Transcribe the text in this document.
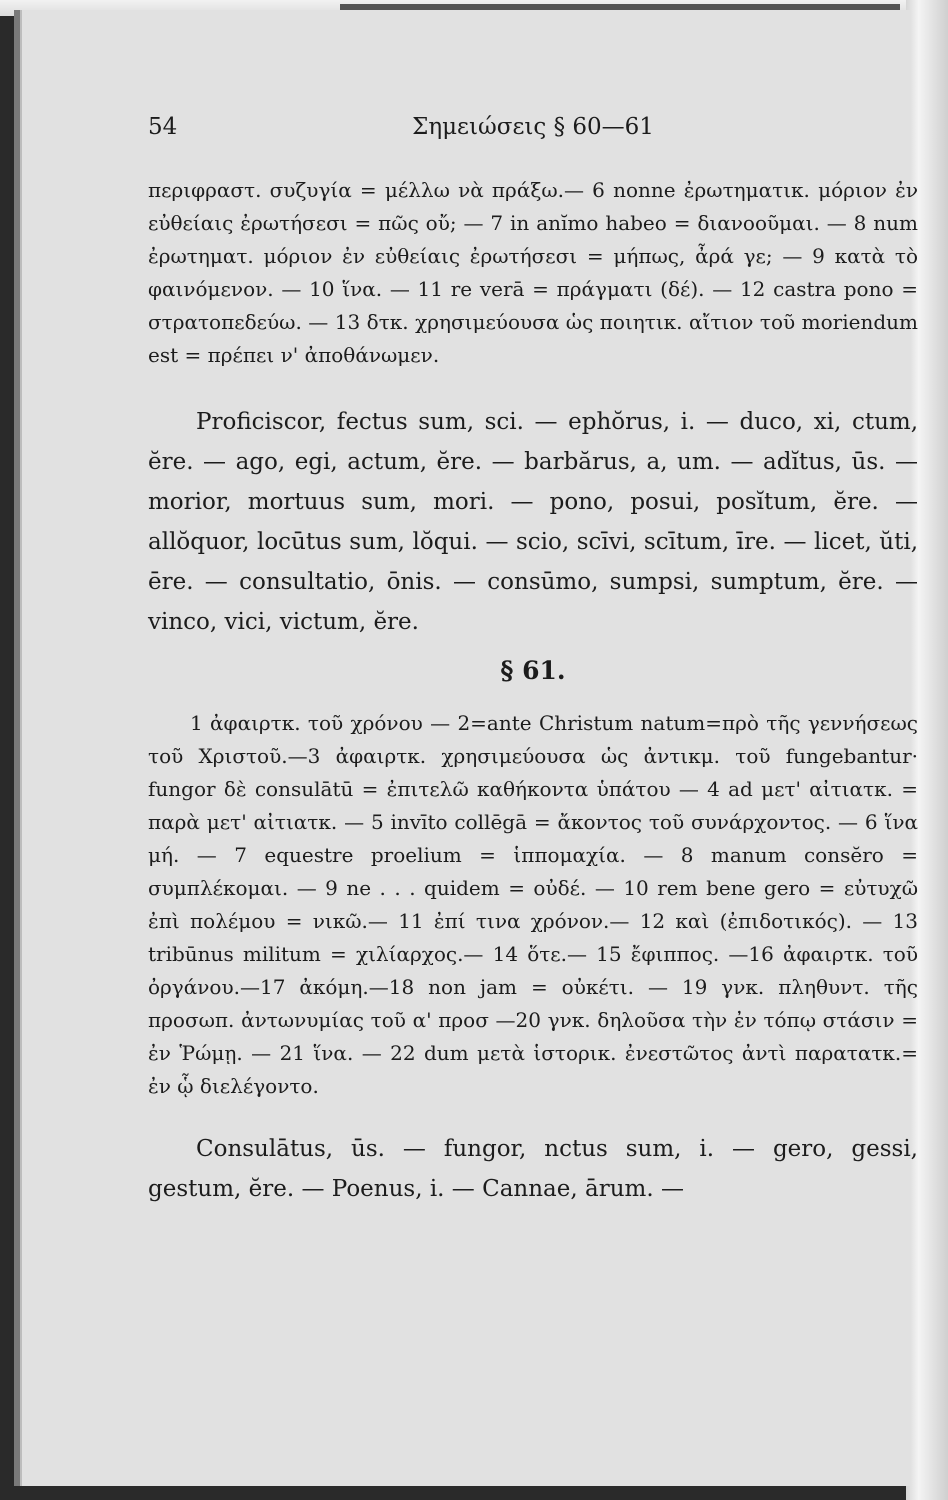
54	Σημειώσεις § 60—61

περιφραστ. συζυγία = μέλλω νὰ πράξω.— 6 nonne ἐρωτηματικ. μόριον ἐν εὐθείαις ἐρωτήσεσι = πῶς οὔ; — 7 in anĭmo habeo = διανοοῦμαι. — 8 num ἐρωτηματ. μόριον ἐν εὐθείαις ἐρωτήσεσι = μήπως, ἆρά γε; — 9 κατὰ τὸ φαινόμενον. — 10 ἵνα. — 11 re verā = πράγματι (δέ). — 12 castra pono = στρατοπεδεύω. — 13 δτκ. χρησιμεύουσα ὡς ποιητικ. αἴτιον τοῦ moriendum est = πρέπει ν' ἀποθάνωμεν.

Proficiscor, fectus sum, sci. — ephŏrus, i. — duco, xi, ctum, ĕre. — ago, egi, actum, ĕre. — barbărus, a, um. — adĭtus, ūs. — morior, mortuus sum, mori. — pono, posui, posĭtum, ĕre. — allŏquor, locūtus sum, lŏqui. — scio, scīvi, scītum, īre. — licet, ŭti, ēre. — consultatio, ōnis. — consūmo, sumpsi, sumptum, ĕre. — vinco, vici, victum, ĕre.

§ 61.

1 ἀφαιρτκ. τοῦ χρόνου — 2=ante Christum natum=πρὸ τῆς γεννήσεως τοῦ Χριστοῦ.—3 ἀφαιρτκ. χρησιμεύουσα ὡς ἀντικμ. τοῦ fungebantur· fungor δὲ consulātū = ἐπιτελῶ καθήκοντα ὑπάτου — 4 ad μετ' αἰτιατκ. = παρὰ μετ' αἰτιατκ. — 5 invīto collēgā = ἄκοντος τοῦ συνάρχοντος. — 6 ἵνα μή. — 7 equestre proelium = ἱππομαχία. — 8 manum consĕro = συμπλέκομαι. — 9 ne . . . quidem = οὐδέ. — 10 rem bene gero = εὐτυχῶ ἐπὶ πολέμου = νικῶ.— 11 ἐπί τινα χρόνον.— 12 καὶ (ἐπιδοτικός). — 13 tribūnus militum = χιλίαρχος.— 14 ὅτε.— 15 ἔφιππος. —16 ἀφαιρτκ. τοῦ ὀργάνου.—17 ἀκόμη.—18 non jam = οὐκέτι. — 19 γνκ. πληθυντ. τῆς προσωπ. ἀντωνυμίας τοῦ α' προσ —20 γνκ. δηλοῦσα τὴν ἐν τόπῳ στάσιν = ἐν Ῥώμῃ. — 21 ἵνα. — 22 dum μετὰ ἱστορικ. ἐνεστῶτος ἀντὶ παρατατκ.= ἐν ᾧ διελέγοντο.

Consulātus, ūs. — fungor, nctus sum, i. — gero, gessi, gestum, ĕre. — Poenus, i. — Cannae, ārum. —
